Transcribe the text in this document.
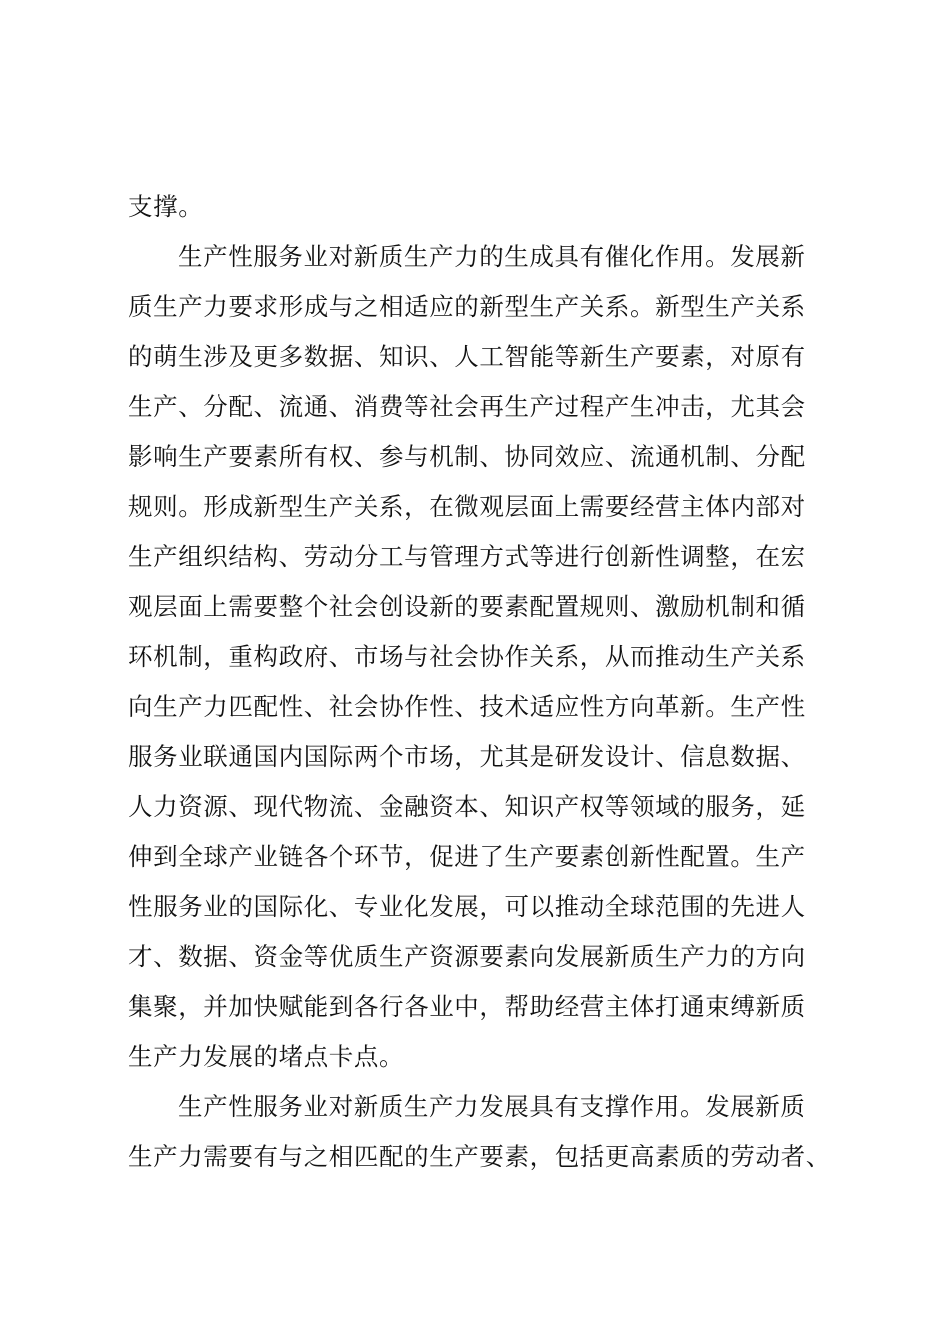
支撑。
生产性服务业对新质生产力的生成具有催化作用。发展新
质生产力要求形成与之相适应的新型生产关系。新型生产关系
的萌生涉及更多数据、知识、人工智能等新生产要素，对原有
生产、分配、流通、消费等社会再生产过程产生冲击，尤其会
影响生产要素所有权、参与机制、协同效应、流通机制、分配
规则。形成新型生产关系，在微观层面上需要经营主体内部对
生产组织结构、劳动分工与管理方式等进行创新性调整，在宏
观层面上需要整个社会创设新的要素配置规则、激励机制和循
环机制，重构政府、市场与社会协作关系，从而推动生产关系
向生产力匹配性、社会协作性、技术适应性方向革新。生产性
服务业联通国内国际两个市场，尤其是研发设计、信息数据、
人力资源、现代物流、金融资本、知识产权等领域的服务，延
伸到全球产业链各个环节，促进了生产要素创新性配置。生产
性服务业的国际化、专业化发展，可以推动全球范围的先进人
才、数据、资金等优质生产资源要素向发展新质生产力的方向
集聚，并加快赋能到各行各业中，帮助经营主体打通束缚新质
生产力发展的堵点卡点。
生产性服务业对新质生产力发展具有支撑作用。发展新质
生产力需要有与之相匹配的生产要素，包括更高素质的劳动者、
